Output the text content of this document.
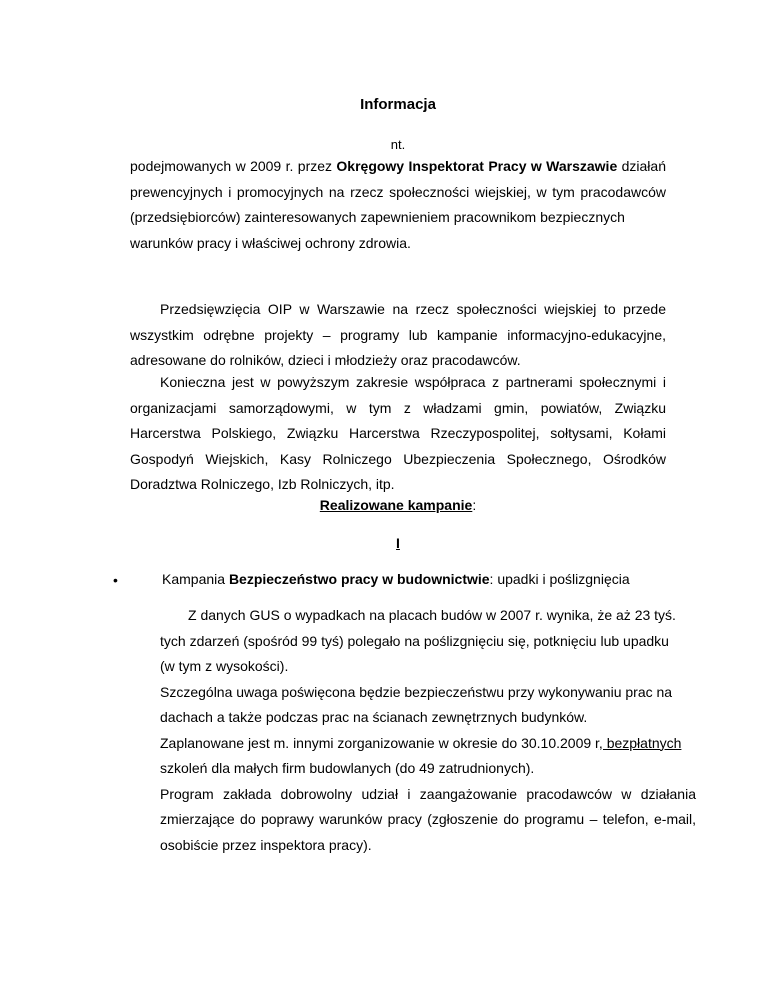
Informacja
nt.

podejmowanych w 2009 r. przez Okręgowy Inspektorat Pracy w Warszawie działań prewencyjnych i promocyjnych na rzecz społeczności wiejskiej, w tym pracodawców (przedsiębiorców) zainteresowanych zapewnieniem pracownikom bezpiecznych
warunków pracy i właściwej ochrony zdrowia.

Przedsięwzięcia OIP w Warszawie na rzecz społeczności wiejskiej to przede wszystkim odrębne projekty – programy lub kampanie informacyjno-edukacyjne, adresowane do rolników, dzieci i młodzieży oraz pracodawców.

Konieczna jest w powyższym zakresie współpraca z partnerami społecznymi i organizacjami samorządowymi, w tym z władzami gmin, powiatów, Związku Harcerstwa Polskiego, Związku Harcerstwa Rzeczypospolitej, sołtysami, Kołami Gospodyń Wiejskich, Kasy Rolniczego Ubezpieczenia Społecznego, Ośrodków Doradztwa Rolniczego, Izb Rolniczych, itp.

Realizowane kampanie:
I
•	Kampania Bezpieczeństwo pracy w budownictwie: upadki i poślizgnięcia

Z danych GUS o wypadkach na placach budów w 2007 r. wynika, że aż 23 tyś.

tych zdarzeń (spośród 99 tyś) polegało na poślizgnięciu się, potknięciu lub upadku

(w tym z wysokości).

Szczególna uwaga poświęcona będzie bezpieczeństwu przy wykonywaniu prac na

dachach a także podczas prac na ścianach zewnętrznych budynków.

Zaplanowane jest m. innymi zorganizowanie w okresie do 30.10.2009 r, bezpłatnych

szkoleń dla małych firm budowlanych (do 49 zatrudnionych).

Program zakłada dobrowolny udział i zaangażowanie pracodawców w działania zmierzające do poprawy warunków pracy (zgłoszenie do programu – telefon, e-mail, osobiście przez inspektora pracy).
